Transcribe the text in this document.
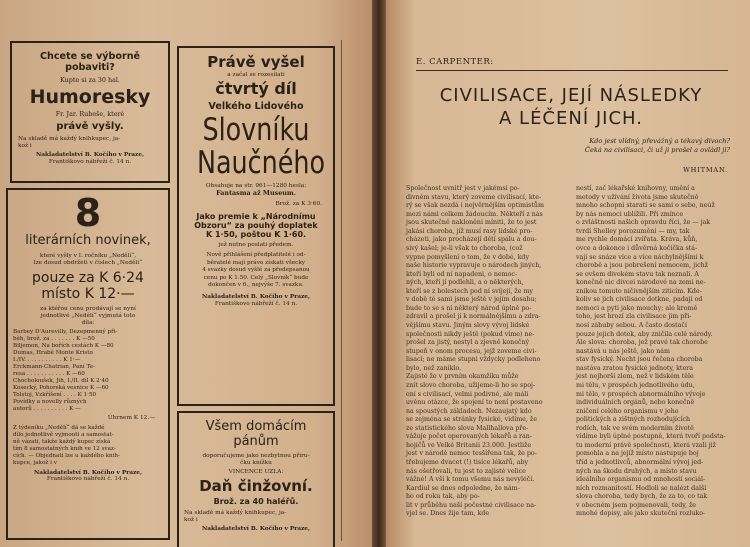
Chcete se výborně pobaviti?
Kupte si za 30 hal.
Humoresky
Fr. Jar. Rubeše, které
právě vyšly.
Na skladě má každý knihkupec, ja-
kož i
Nakladatelství B. Kočího v Praze,
Františkovo nábřeží č. 14 n.
8
literárních novinek,
které vyšly v I. ročníku „Nedělí“,
lze dosud obdržeti v číslech „Nedělí“
pouze za K 6·24
místo K 12·—
za ktéřou cenu prodávají se nyní
jednotlivé „Nedělí“ vyjmutá toto
díla:
Barbey D'Aurevilly, Dezepmenný při-
běh, brož. za . . . . . . . K —50
Biljemon, Na bořích cestách K —80
Dumas, Hrabě Monte Kristo
I./IV. . . . . . . . . . . K 1·—
Erckmann-Chatrian, Paní Te-
resa . . . . . . . . . . . K —60
Chocholoušek, Jih, I./II. díl K 2·40
Kosecký, Pohorská vesnice K —60
Tolstoj, Vzkříšení . . . . K 1·50
Povídky a novelly různých
autorů . . . . . . . . . . K —
Úhrnem K 12.—
Z týdeníku „Nedělí“ dá se každé
dílo jednotlivě vyjmouti a samostat-
ně vázati, takže každý kupec získá
tím 8 samostatných knih ve 12 svaz-
cích. — Objednati lze u každého knih-
kupce, jakož i v
Nakladatelství B. Kočího v Praze,
Františkovo nábřeží č. 14 n.
Právě vyšel
a začal se rozesílati
čtvrtý díl
Velkého Lidového
Slovníku
Naučného
Obsahuje na str. 961—1280 hesla:
Fantasma až Museum.
Brož. za K 3·60.
Jako premie k „Národnímu
Obzoru“ za pouhý doplatek
K 1·50, poštou K 1·60.
jež nutno poslati předem.
Nově přihlášení předplatitelé i od-
běratelé mají právo získati všecky
4 svazky dosud vyšlé za předepsanou
cenu po K 1.50. Celý „Slovník“ bude
dokončen v 6., nejvýše 7. svazku.
Nakladatelství B. Kočího v Praze,
Františkovo nábřeží č. 14 n.
Všem domácím pánům
doporučujeme jako nezbytnou přiru-
čku knížku
VINCENCE UZLA:
Daň činžovní.
Brož. za 40 haléřů.
Na skladě má každý knihkupec, ja-
kož i
Nakladatelství B. Kočího v Praze,
E. CARPENTER:
CIVILISACE, JEJÍ NÁSLEDKY
A LÉČENÍ JICH.
Kdo jest vlídný, převážný a tékavý divoch?
Čeká na civilisaci, či už ji prošel a ovládl ji?
WHITMAN.
Společnost uvnitř jest v jakémsi po-
divném stavu, který zoveme civilisací, kte-
rý se však nezdá i nejvěrnějším optimistům
mezi námi celkem žádoucím. Někteří z nás
jsou skutečně nakloněni míniti, že to jest
jakási choroba, jíž musí rasy lidské pro-
cházeti, jako procházejí dětí spálu a dou-
sivý kašel; je-li však to choroba, (což
vypne pomyšlení o tom, že v dobé, kdy
naše historie vypravuje o národech jiných,
kteří byli od ní napadeni, o nemoc-
ných, kteří jí podlehli, a o některých,
kteří se z bolestech pod ní svíjejí, že my
v době té sami jsme ještě v jejím dosahu;
bude to se s ní některý národ úplně po-
zdravil a prošel jí k normálnějšímu a zdra-
vějšímu stavu. Jiným slovy vývoj lidské
společnosti nikdy ještě (pokud víme) ne-
prošel za jistý, nestyl a zjevně konečný
stupeň v onom procesu, jejž zoveme civi-
lisací; ne máme stupni vždycky podleheno
bylo, než zaniklo.
Zajisté že v prvním okamžiku může
znít slovo choroba, užijeme-li ho se spoj-
ení s civilisací, velmi podivné, ale máli
uvěnu otázce, že spojení to není postaveno
na spoustých základech. Nezaujatý kdo
se zejména se stránky fysické, vidíme, že
ze statistického slova Mallhallova pře-
vážuje počet operovaných lékařů a ran-
hojičů ve Velké Britanii 23.000. Jestliže
jest v národě nemoc tesšířena tak, že po-
třebujeme dvacet (!) tisíce lékařů, aby
nás ošetřovali, tu jest to zajisté velice
vážné! A vší k tomu všemu nás nevyléčí.
Kardiul se dnes odpoledne, že nám-
ho od roku tak, aby po-
lit v průběhu naší počestné civilisace na-
vjel se. Dnes žije tam, kde
nestí, zač lékařské knihovny, umění a
metody v užívání života jsme skutečně
mnoho schopni starati se sami o sebe, neúž
by nás nemoci ublížili. Při zmínce
o zvláštnosti našich opravdu říci, že — jak
tvrdí Shelley porozumění — my, tak
me rychle domácí zvířata. Kráva, kůň,
ovce a dokonce i důvěrná kočička stá-
vají se snáze více a více náchylnějšími k
chorobě a jsou pobrešení nemocem, jichž
se ovšem divokém stavu tak neznali. A
konečně nic divcei národové na zemi ne-
znikou tomuto ničivnějším ziticím. Kde-
koliv se jich civilisace dotkne, padají od
nemoci a pyti jako mouchy; ale kromě
toho, jest hrozí zla civilisace jim při-
nosí záhuby sebou. A často dostačí
pouze jejich dotek, aby zničila celé národy.
Ale slova: choroba, jež pravé tak chorobe
nastává u nás ještě, jako nám
stav fysický. Necht jsou řečena choroba
nastáva zratou fysické jednoty, ktera
jest nejhorší zlem, než v lidském těle
mi tělu, v prospěch jednotlivého údu,
mi tělo, v prospěch abnormálního vývoje
individuálních orgánů, nebo konečně
zničení celého organismu v jeho
politických a zištných rozhodujících
rodích, tak ve svém moderním životě
vidíme byli úplné postupně, která tvoří podsta-
tu moderní právě společnosti, která vzali již
pomohla a na jejíž místo nastupuje boj
tříd a jednotlivců, abnormální vývoj jed-
ných na škodu druhých, a místo stavu
ideálního organismu od mnohostí sociál-
ních rozmanitostí. Hodloli se nalézt další
slova choroba, tedy bych, že za to, co tak
v obecném jsem pojmenovali, tedy, že
mnohé dopisy, ale jako skuteční rozluko-
